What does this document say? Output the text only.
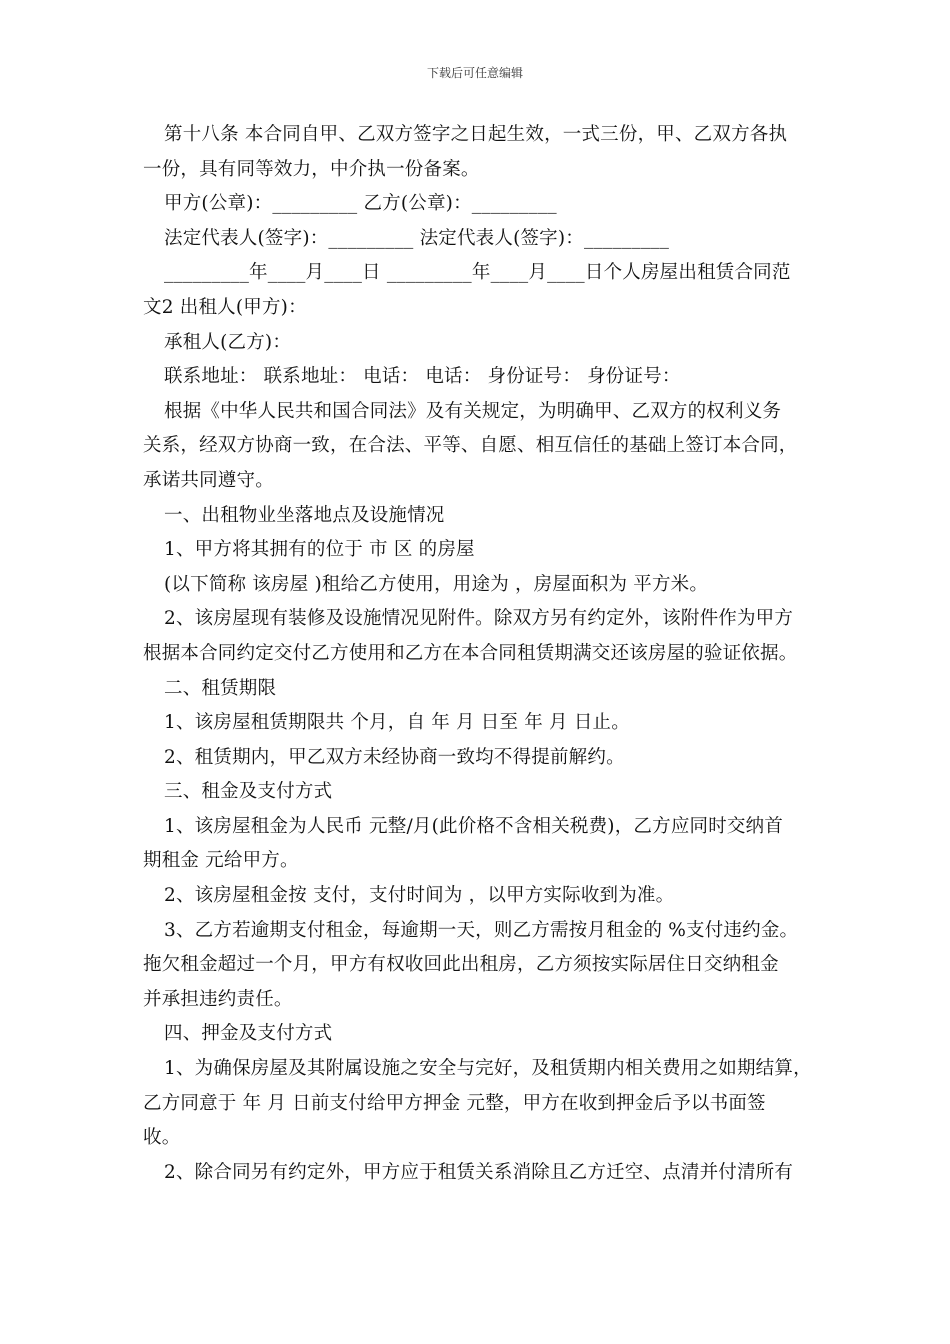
下载后可任意编辑
第十八条 本合同自甲、乙双方签字之日起生效，一式三份，甲、乙双方各执
一份，具有同等效力，中介执一份备案。
甲方(公章)：_________ 乙方(公章)：_________
法定代表人(签字)：_________ 法定代表人(签字)：_________
_________年____月____日 _________年____月____日个人房屋出租赁合同范
文2 出租人(甲方)：
承租人(乙方)：
联系地址： 联系地址： 电话： 电话： 身份证号： 身份证号：
根据《中华人民共和国合同法》及有关规定，为明确甲、乙双方的权利义务
关系，经双方协商一致，在合法、平等、自愿、相互信任的基础上签订本合同，
承诺共同遵守。
一、出租物业坐落地点及设施情况
1、甲方将其拥有的位于 市 区 的房屋
(以下简称 该房屋 )租给乙方使用，用途为 ，房屋面积为 平方米。
2、该房屋现有装修及设施情况见附件。除双方另有约定外，该附件作为甲方
根据本合同约定交付乙方使用和乙方在本合同租赁期满交还该房屋的验证依据。
二、租赁期限
1、该房屋租赁期限共 个月，自 年 月 日至 年 月 日止。
2、租赁期内，甲乙双方未经协商一致均不得提前解约。
三、租金及支付方式
1、该房屋租金为人民币 元整/月(此价格不含相关税费)，乙方应同时交纳首
期租金 元给甲方。
2、该房屋租金按 支付，支付时间为 ，以甲方实际收到为准。
3、乙方若逾期支付租金，每逾期一天，则乙方需按月租金的 %支付违约金。
拖欠租金超过一个月，甲方有权收回此出租房，乙方须按实际居住日交纳租金
并承担违约责任。
四、押金及支付方式
1、为确保房屋及其附属设施之安全与完好，及租赁期内相关费用之如期结算，
乙方同意于 年 月 日前支付给甲方押金 元整，甲方在收到押金后予以书面签
收。
2、除合同另有约定外，甲方应于租赁关系消除且乙方迁空、点清并付清所有
